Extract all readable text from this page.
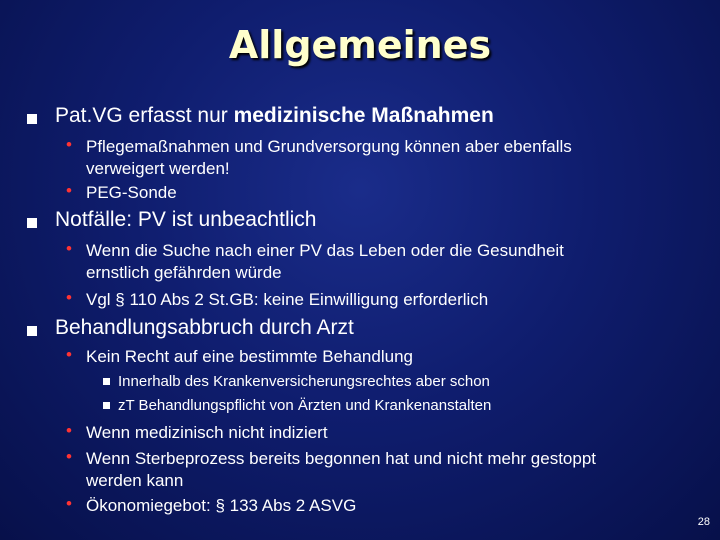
Allgemeines
Pat.VG erfasst nur medizinische Maßnahmen
• Pflegemaßnahmen und Grundversorgung können aber ebenfalls
verweigert werden!
• PEG-Sonde
Notfälle: PV ist unbeachtlich
• Wenn die Suche nach einer PV das Leben oder die Gesundheit
ernstlich gefährden würde
• Vgl § 110 Abs 2 St.GB: keine Einwilligung erforderlich
Behandlungsabbruch durch Arzt
• Kein Recht auf eine bestimmte Behandlung
Innerhalb des Krankenversicherungsrechtes aber schon
zT Behandlungspflicht von Ärzten und Krankenanstalten
• Wenn medizinisch nicht indiziert
• Wenn Sterbeprozess bereits begonnen hat und nicht mehr gestoppt
werden kann
• Ökonomiegebot: § 133 Abs 2 ASVG
28
